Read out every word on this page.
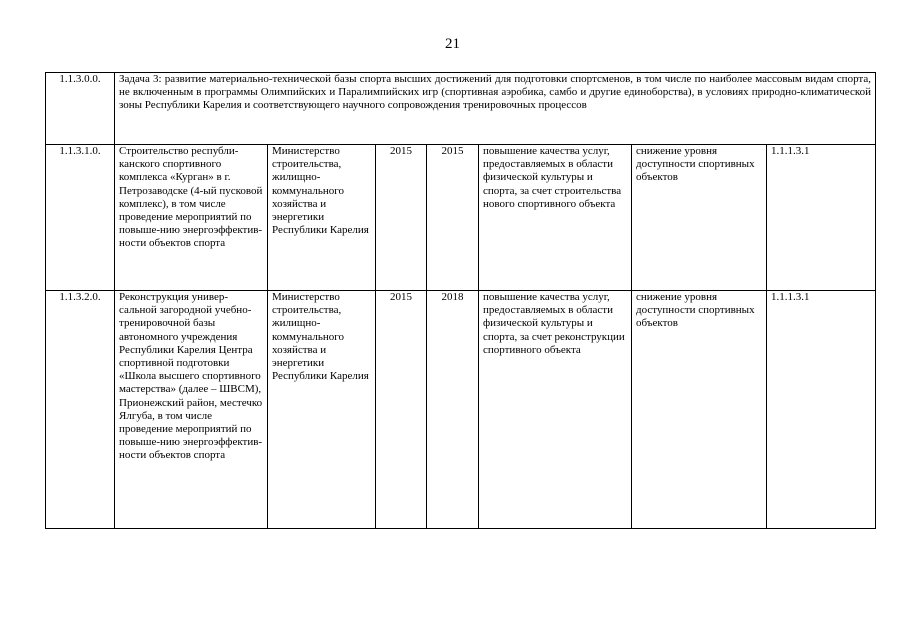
21
1.1.3.0.0.	Задача 3: развитие материально-технической базы спорта высших достижений для подготовки спортсменов, в том числе по наиболее массовым видам спорта, не включенным в программы Олимпийских и Паралимпийских игр (спортивная аэробика, самбо и другие единоборства), в условиях природно-климатической зоны Республики Карелия и соответствующего научного сопровождения тренировочных процессов						
1.1.3.1.0.	Строительство республи-канского спортивного комплекса «Курган» в г. Петрозаводске (4-ый пусковой комплекс), в том числе проведение мероприятий по повыше-нию энергоэффектив-ности объектов спорта	Министерство строительства, жилищно-коммунального хозяйства и энергетики Республики Карелия	2015	2015	повышение качества услуг, предоставляемых в области физической культуры и спорта, за счет строительства нового спортивного объекта	снижение уровня доступности спортивных объектов	1.1.1.3.1
1.1.3.2.0.	Реконструкция универ-сальной загородной учебно-тренировочной базы автономного учреждения Республики Карелия Центра спортивной подготовки «Школа высшего спортивного мастерства» (далее – ШВСМ), Прионежский район, местечко Ялгуба, в том числе проведение мероприятий по повыше-нию энергоэффектив-ности объектов спорта	Министерство строительства, жилищно-коммунального хозяйства и энергетики Республики Карелия	2015	2018	повышение качества услуг, предоставляемых в области физической культуры и спорта, за счет реконструкции спортивного объекта	снижение уровня доступности спортивных объектов	1.1.1.3.1
